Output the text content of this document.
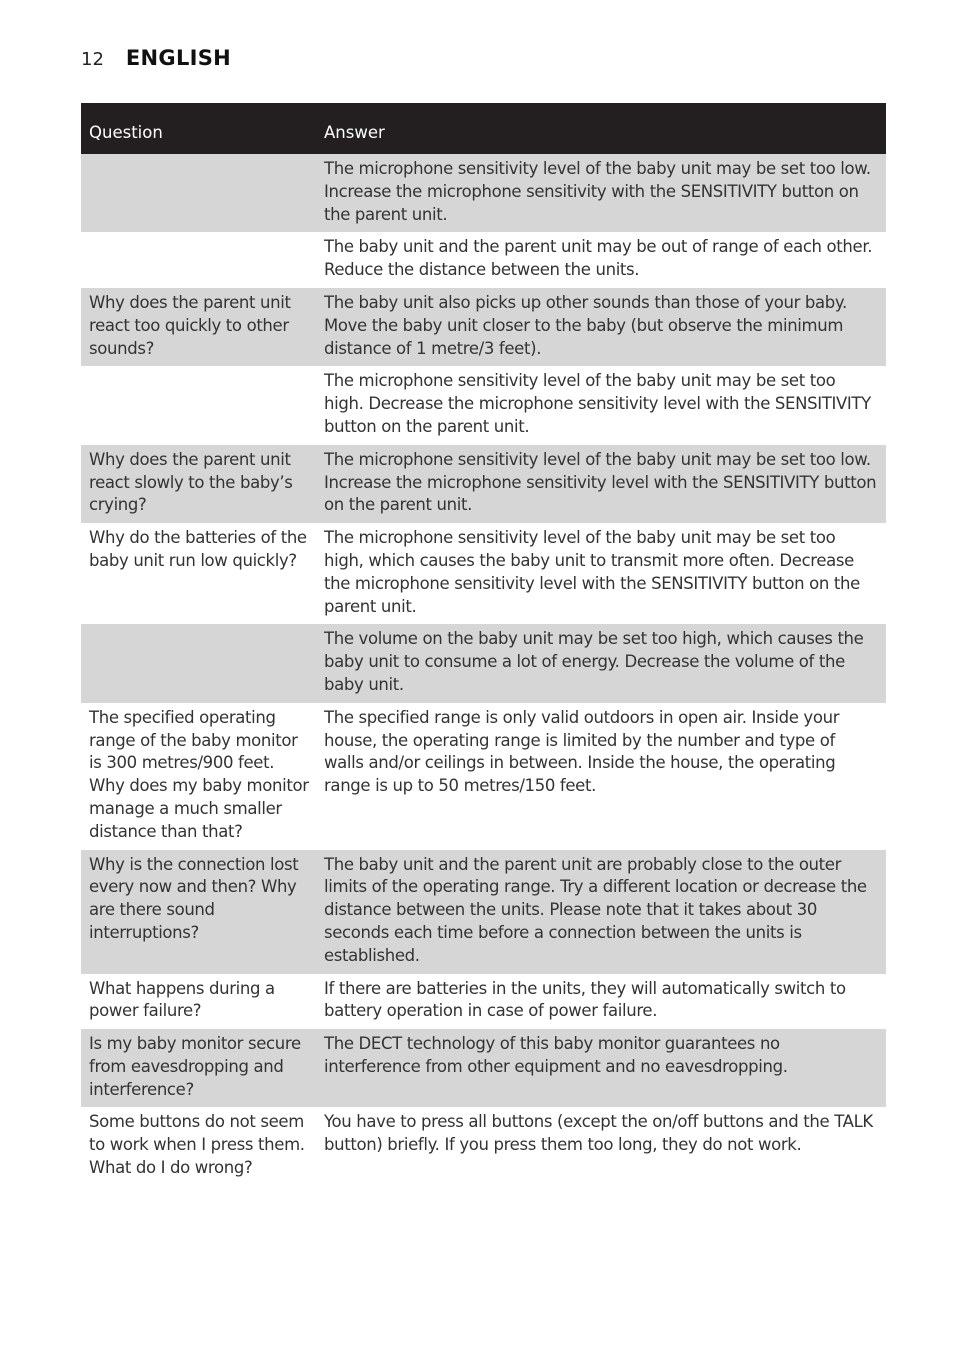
12 ENGLISH
Question	Answer
	The microphone sensitivity level of the baby unit may be set too low. Increase the microphone sensitivity with the SENSITIVITY button on the parent unit.
	The baby unit and the parent unit may be out of range of each other. Reduce the distance between the units.
Why does the parent unit react too quickly to other sounds?	The baby unit also picks up other sounds than those of your baby. Move the baby unit closer to the baby (but observe the minimum distance of 1 metre/3 feet).
	The microphone sensitivity level of the baby unit may be set too high. Decrease the microphone sensitivity level with the SENSITIVITY button on the parent unit.
Why does the parent unit react slowly to the baby’s crying?	The microphone sensitivity level of the baby unit may be set too low. Increase the microphone sensitivity level with the SENSITIVITY button on the parent unit.
Why do the batteries of the baby unit run low quickly?	The microphone sensitivity level of the baby unit may be set too high, which causes the baby unit to transmit more often. Decrease the microphone sensitivity level with the SENSITIVITY button on the parent unit.
	The volume on the baby unit may be set too high, which causes the baby unit to consume a lot of energy. Decrease the volume of the baby unit.
The specified operating range of the baby monitor is 300 metres/900 feet. Why does my baby monitor manage a much smaller distance than that?	The specified range is only valid outdoors in open air. Inside your house, the operating range is limited by the number and type of walls and/or ceilings in between. Inside the house, the operating range is up to 50 metres/150 feet.
Why is the connection lost every now and then? Why are there sound interruptions?	The baby unit and the parent unit are probably close to the outer limits of the operating range. Try a different location or decrease the distance between the units. Please note that it takes about 30 seconds each time before a connection between the units is established.
What happens during a power failure?	If there are batteries in the units, they will automatically switch to battery operation in case of power failure.
Is my baby monitor secure from eavesdropping and interference?	The DECT technology of this baby monitor guarantees no interference from other equipment and no eavesdropping.
Some buttons do not seem to work when I press them. What do I do wrong?	You have to press all buttons (except the on/off buttons and the TALK button) briefly. If you press them too long, they do not work.
